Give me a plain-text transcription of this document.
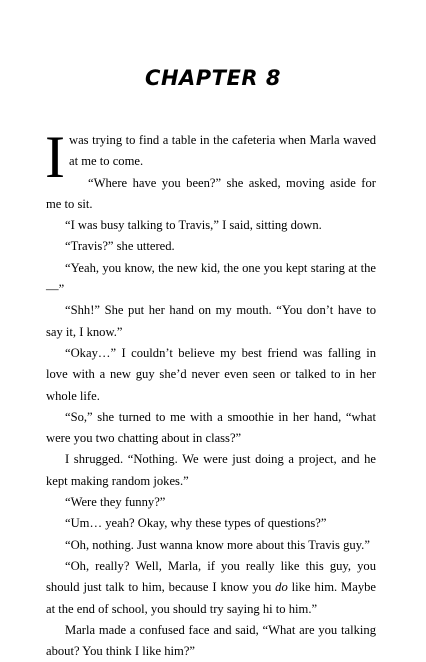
CHAPTER 8

Iwas trying to find a table in the cafeteria when Marla waved at me to come.

“Where have you been?” she asked, moving aside for me to sit.

“I was busy talking to Travis,” I said, sitting down.

“Travis?” she uttered.

“Yeah, you know, the new kid, the one you kept staring at the—”

“Shh!” She put her hand on my mouth. “You don’t have to say it, I know.”

“Okay…” I couldn’t believe my best friend was falling in love with a new guy she’d never even seen or talked to in her whole life.

“So,” she turned to me with a smoothie in her hand, “what were you two chatting about in class?”

I shrugged. “Nothing. We were just doing a project, and he kept making random jokes.”

“Were they funny?”

“Um… yeah? Okay, why these types of questions?”

“Oh, nothing. Just wanna know more about this Travis guy.”

“Oh, really? Well, Marla, if you really like this guy, you should just talk to him, because I know you do like him. Maybe at the end of school, you should try saying hi to him.”

Marla made a confused face and said, “What are you talking about? You think I like him?”
